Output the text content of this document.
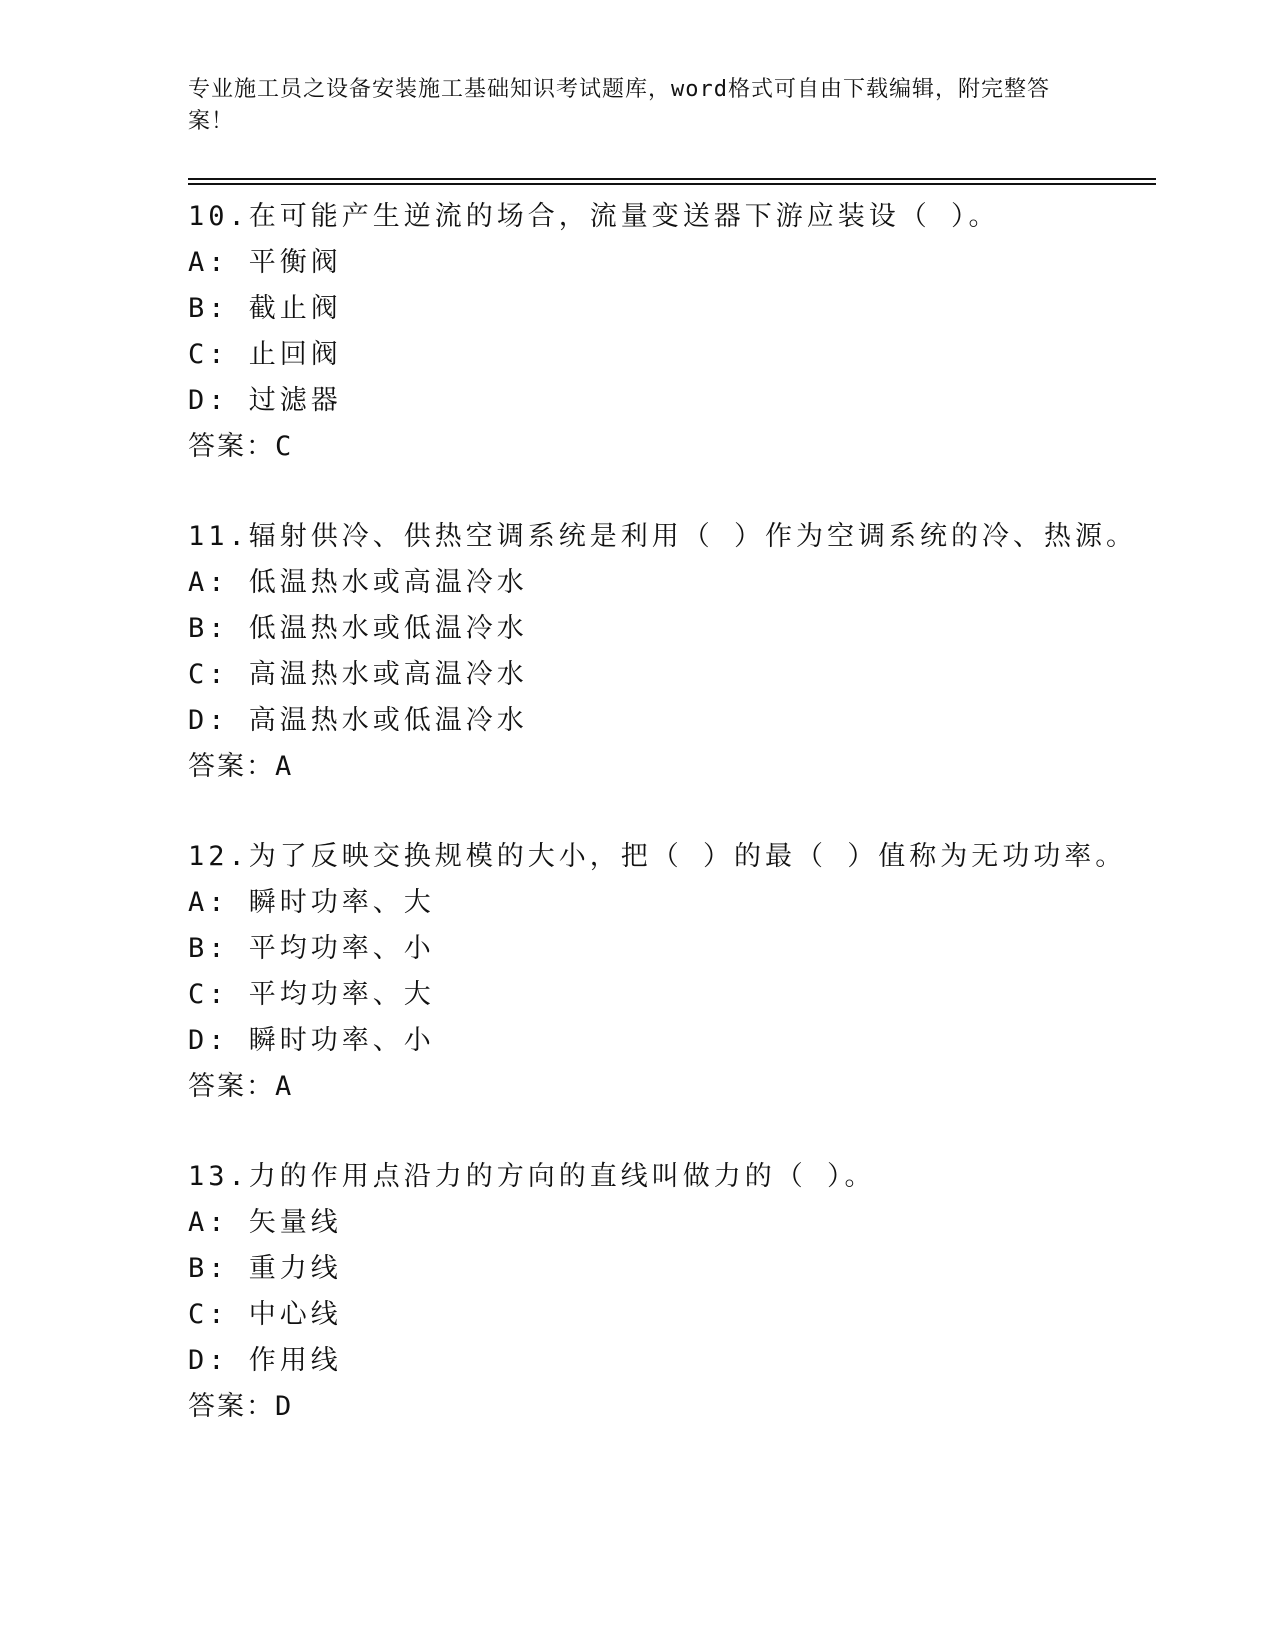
专业施工员之设备安装施工基础知识考试题库，word格式可自由下载编辑，附完整答案！
10.在可能产生逆流的场合，流量变送器下游应装设（ ）。
A: 平衡阀
B: 截止阀
C: 止回阀
D: 过滤器
答案：C
11.辐射供冷、供热空调系统是利用（ ）作为空调系统的冷、热源。
A: 低温热水或高温冷水
B: 低温热水或低温冷水
C: 高温热水或高温冷水
D: 高温热水或低温冷水
答案：A
12.为了反映交换规模的大小，把（ ）的最（ ）值称为无功功率。
A: 瞬时功率、大
B: 平均功率、小
C: 平均功率、大
D: 瞬时功率、小
答案：A
13.力的作用点沿力的方向的直线叫做力的（ ）。
A: 矢量线
B: 重力线
C: 中心线
D: 作用线
答案：D
